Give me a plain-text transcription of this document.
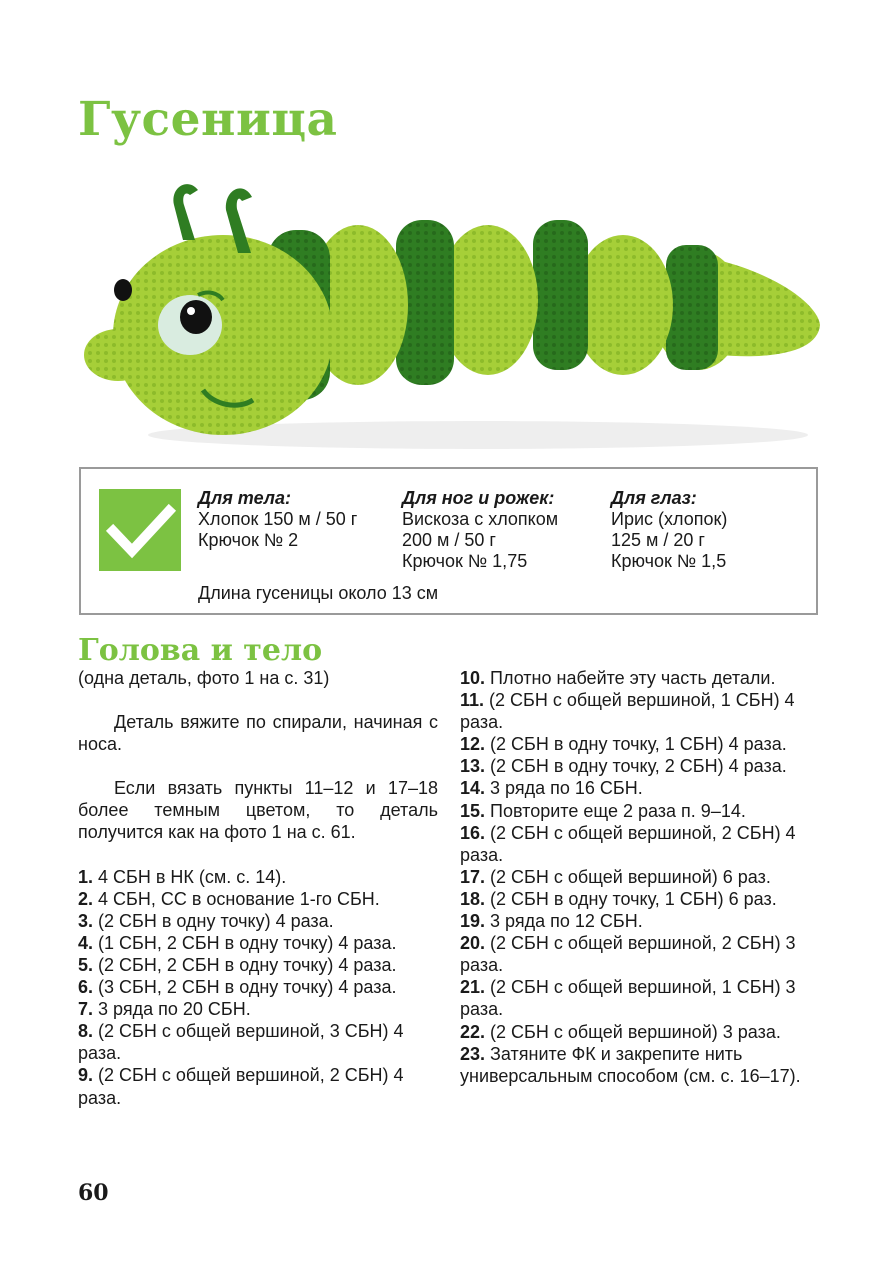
Гусеница
Для тела:
Хлопок 150 м / 50 г
Крючок № 2
Для ног и рожек:
Вискоза с хлопком
200 м / 50 г
Крючок № 1,75
Для глаз:
Ирис (хлопок)
125 м / 20 г
Крючок № 1,5
Длина гусеницы около 13 см
Голова и тело

(одна деталь, фото 1 на с. 31)

Деталь вяжите по спирали, начиная с носа.

Если вязать пункты 11–12 и 17–18 более темным цветом, то деталь получится как на фото 1 на с. 61.

1. 4 СБН в НК (см. с. 14).

2. 4 СБН, СС в основание 1-го СБН.

3. (2 СБН в одну точку) 4 раза.

4. (1 СБН, 2 СБН в одну точку) 4 раза.

5. (2 СБН, 2 СБН в одну точку) 4 раза.

6. (3 СБН, 2 СБН в одну точку) 4 раза.

7. 3 ряда по 20 СБН.

8. (2 СБН с общей вершиной, 3 СБН) 4 раза.

9. (2 СБН с общей вершиной, 2 СБН) 4 раза.

10. Плотно набейте эту часть детали.

11. (2 СБН с общей вершиной, 1 СБН) 4 раза.

12. (2 СБН в одну точку, 1 СБН) 4 раза.

13. (2 СБН в одну точку, 2 СБН) 4 раза.

14. 3 ряда по 16 СБН.

15. Повторите еще 2 раза п. 9–14.

16. (2 СБН с общей вершиной, 2 СБН) 4 раза.

17. (2 СБН с общей вершиной) 6 раз.

18. (2 СБН в одну точку, 1 СБН) 6 раз.

19. 3 ряда по 12 СБН.

20. (2 СБН с общей вершиной, 2 СБН) 3 раза.

21. (2 СБН с общей вершиной, 1 СБН) 3 раза.

22. (2 СБН с общей вершиной) 3 раза.

23. Затяните ФК и закрепите нить универсальным способом (см. с. 16–17).

60
